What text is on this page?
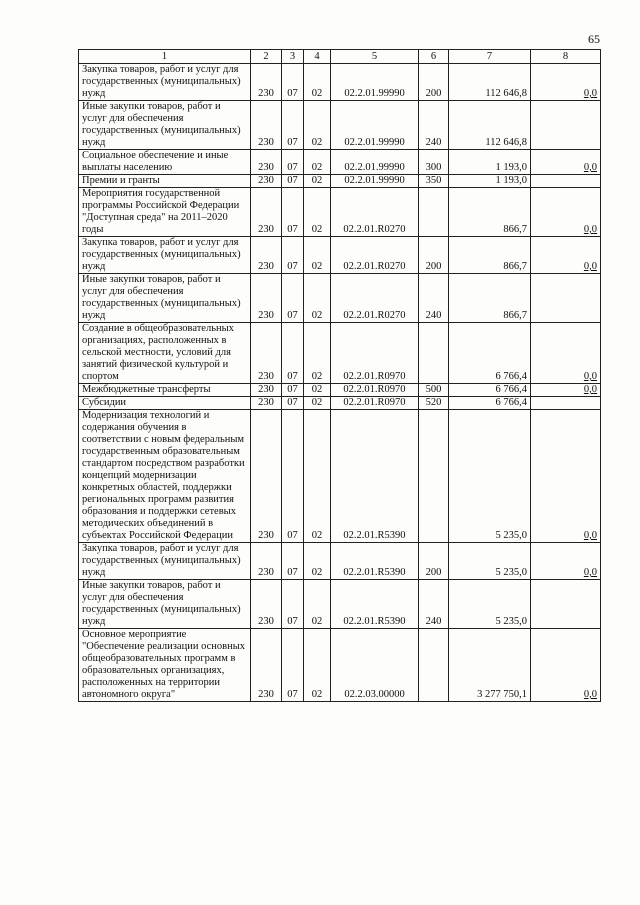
65
1	2	3	4	5	6	7	8
Закупка товаров, работ и услуг для государственных (муниципальных) нужд	230	07	02	02.2.01.99990	200	112 646,8	0,0
Иные закупки товаров, работ и услуг для обеспечения государственных (муниципальных) нужд	230	07	02	02.2.01.99990	240	112 646,8	
Социальное обеспечение и иные выплаты населению	230	07	02	02.2.01.99990	300	1 193,0	0,0
Премии и гранты	230	07	02	02.2.01.99990	350	1 193,0	
Мероприятия государственной программы Российской Федерации "Доступная среда" на 2011–2020 годы	230	07	02	02.2.01.R0270		866,7	0,0
Закупка товаров, работ и услуг для государственных (муниципальных) нужд	230	07	02	02.2.01.R0270	200	866,7	0,0
Иные закупки товаров, работ и услуг для обеспечения государственных (муниципальных) нужд	230	07	02	02.2.01.R0270	240	866,7	
Создание в общеобразовательных организациях, расположенных в сельской местности, условий для занятий физической культурой и спортом	230	07	02	02.2.01.R0970		6 766,4	0,0
Межбюджетные трансферты	230	07	02	02.2.01.R0970	500	6 766,4	0,0
Субсидии	230	07	02	02.2.01.R0970	520	6 766,4	
Модернизация технологий и содержания обучения в соответствии с новым федеральным государственным образовательным стандартом посредством разработки концепций модернизации конкретных областей, поддержки региональных программ развития образования и поддержки сетевых методических объединений в субъектах Российской Федерации	230	07	02	02.2.01.R5390		5 235,0	0,0
Закупка товаров, работ и услуг для государственных (муниципальных) нужд	230	07	02	02.2.01.R5390	200	5 235,0	0,0
Иные закупки товаров, работ и услуг для обеспечения государственных (муниципальных) нужд	230	07	02	02.2.01.R5390	240	5 235,0	
Основное мероприятие "Обеспечение реализации основных общеобразовательных программ в образовательных организациях, расположенных на территории автономного округа"	230	07	02	02.2.03.00000		3 277 750,1	0,0
